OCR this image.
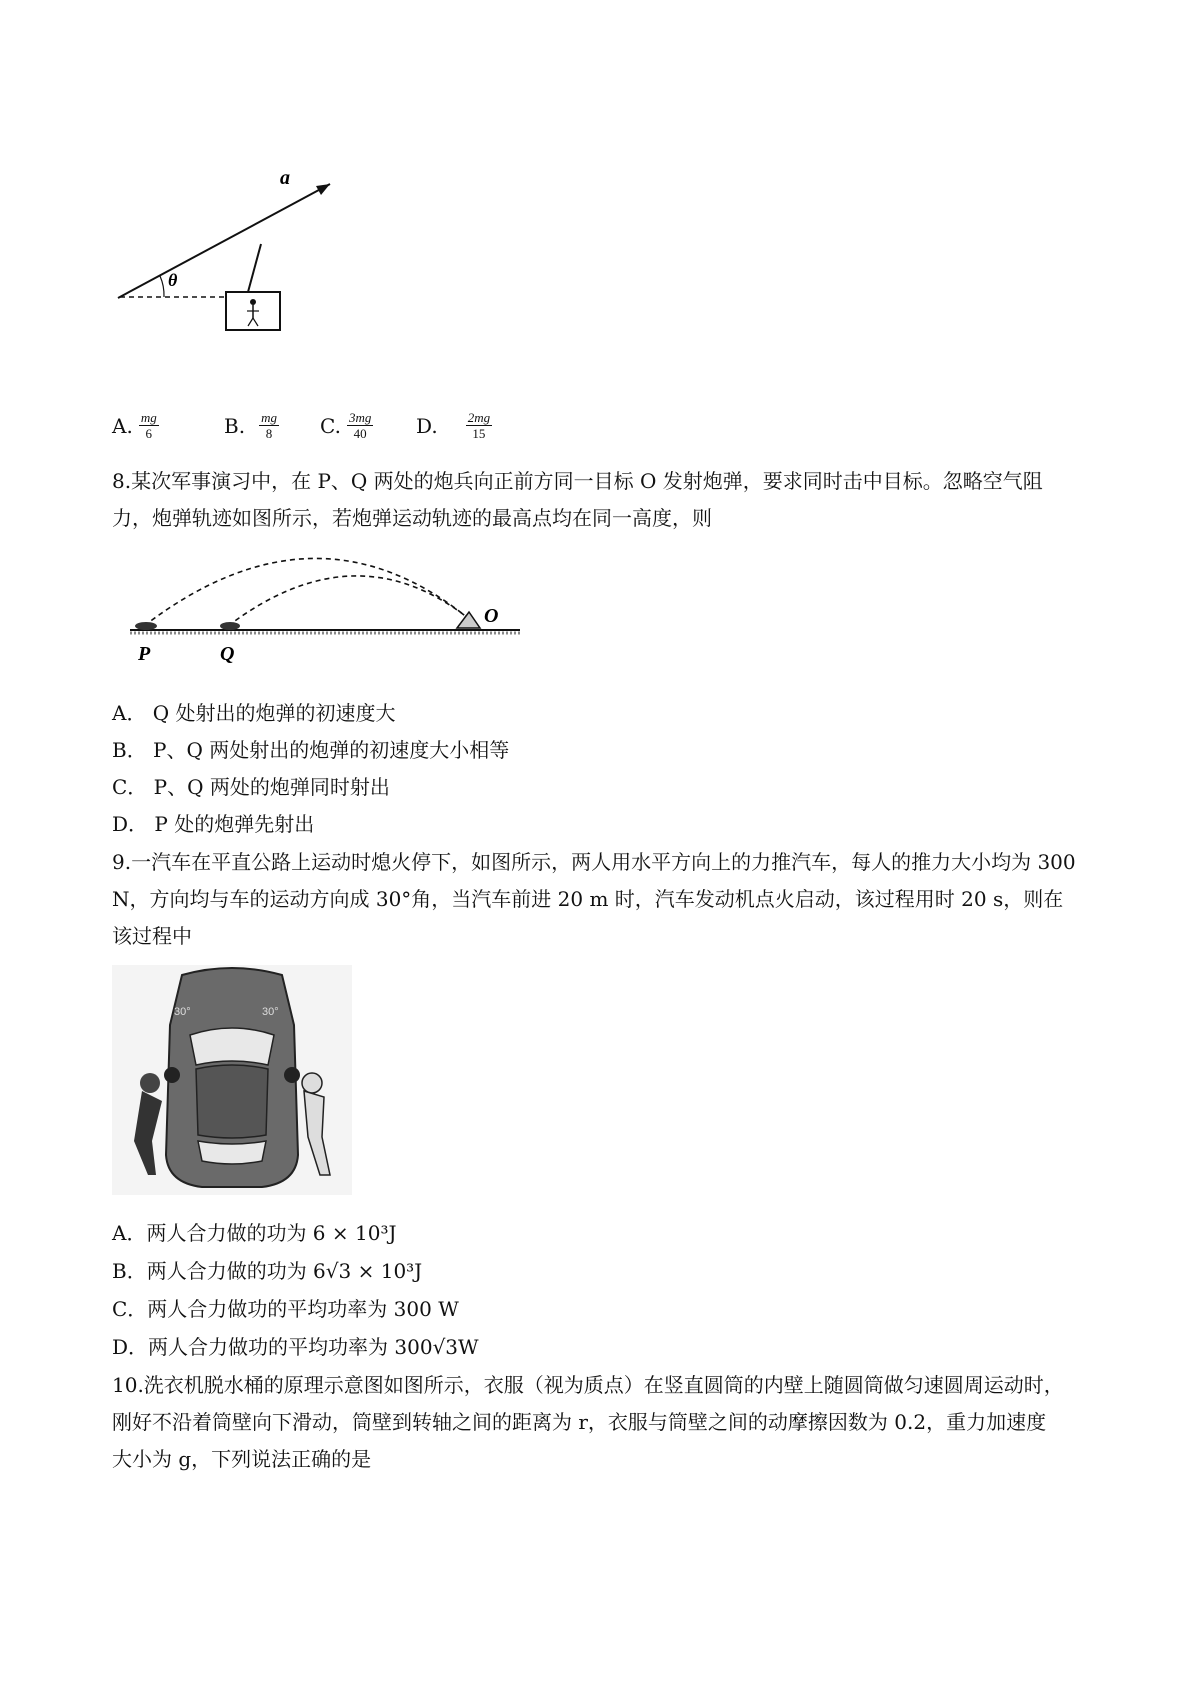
a
θ
A. $\frac{mg}{6}$	B. $\frac{mg}{8} C$. $\frac{3mg}{40} D$. $\frac{2mg}{15}$
8.某次军事演习中，在 P、Q 两处的炮兵向正前方同一目标 O 发射炮弹，要求同时击中目标。忽略空气阻
力，炮弹轨迹如图所示，若炮弹运动轨迹的最高点均在同一高度，则
P	Q
O
A． Q 处射出的炮弹的初速度大
B． P、Q 两处射出的炮弹的初速度大小相等
C． P、Q 两处的炮弹同时射出
D． P 处的炮弹先射出
9.一汽车在平直公路上运动时熄火停下，如图所示，两人用水平方向上的力推汽车，每人的推力大小均为 300
N，方向均与车的运动方向成 30°角，当汽车前进 20 m 时，汽车发动机点火启动，该过程用时 20 s，则在
该过程中
30°	30°
A．两人合力做的功为 6 × 10³J
B．两人合力做的功为 6√3 × 10³J
C．两人合力做功的平均功率为 300 W
D．两人合力做功的平均功率为 300√3W
10.洗衣机脱水桶的原理示意图如图所示，衣服（视为质点）在竖直圆筒的内壁上随圆筒做匀速圆周运动时，
刚好不沿着筒壁向下滑动，筒壁到转轴之间的距离为 r，衣服与筒壁之间的动摩擦因数为 0.2，重力加速度
大小为 g，下列说法正确的是
